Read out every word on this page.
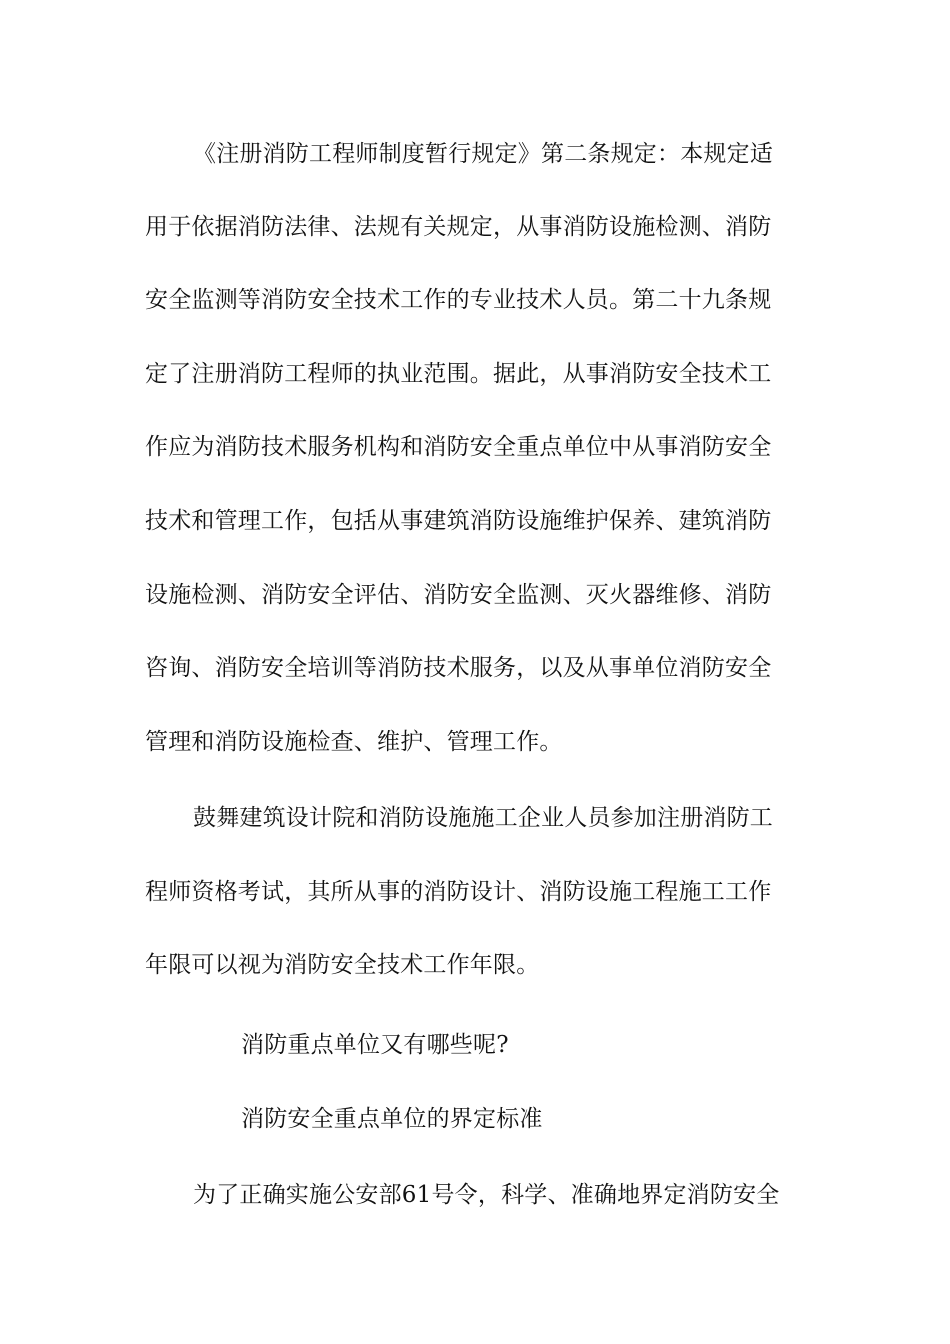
《注册消防工程师制度暂行规定》第二条规定：本规定适
用于依据消防法律、法规有关规定，从事消防设施检测、消防
安全监测等消防安全技术工作的专业技术人员。第二十九条规
定了注册消防工程师的执业范围。据此，从事消防安全技术工
作应为消防技术服务机构和消防安全重点单位中从事消防安全
技术和管理工作，包括从事建筑消防设施维护保养、建筑消防
设施检测、消防安全评估、消防安全监测、灭火器维修、消防
咨询、消防安全培训等消防技术服务，以及从事单位消防安全
管理和消防设施检查、维护、管理工作。
鼓舞建筑设计院和消防设施施工企业人员参加注册消防工
程师资格考试，其所从事的消防设计、消防设施工程施工工作
年限可以视为消防安全技术工作年限。
消防重点单位又有哪些呢?
消防安全重点单位的界定标准
为了正确实施公安部61号令，科学、准确地界定消防安全
